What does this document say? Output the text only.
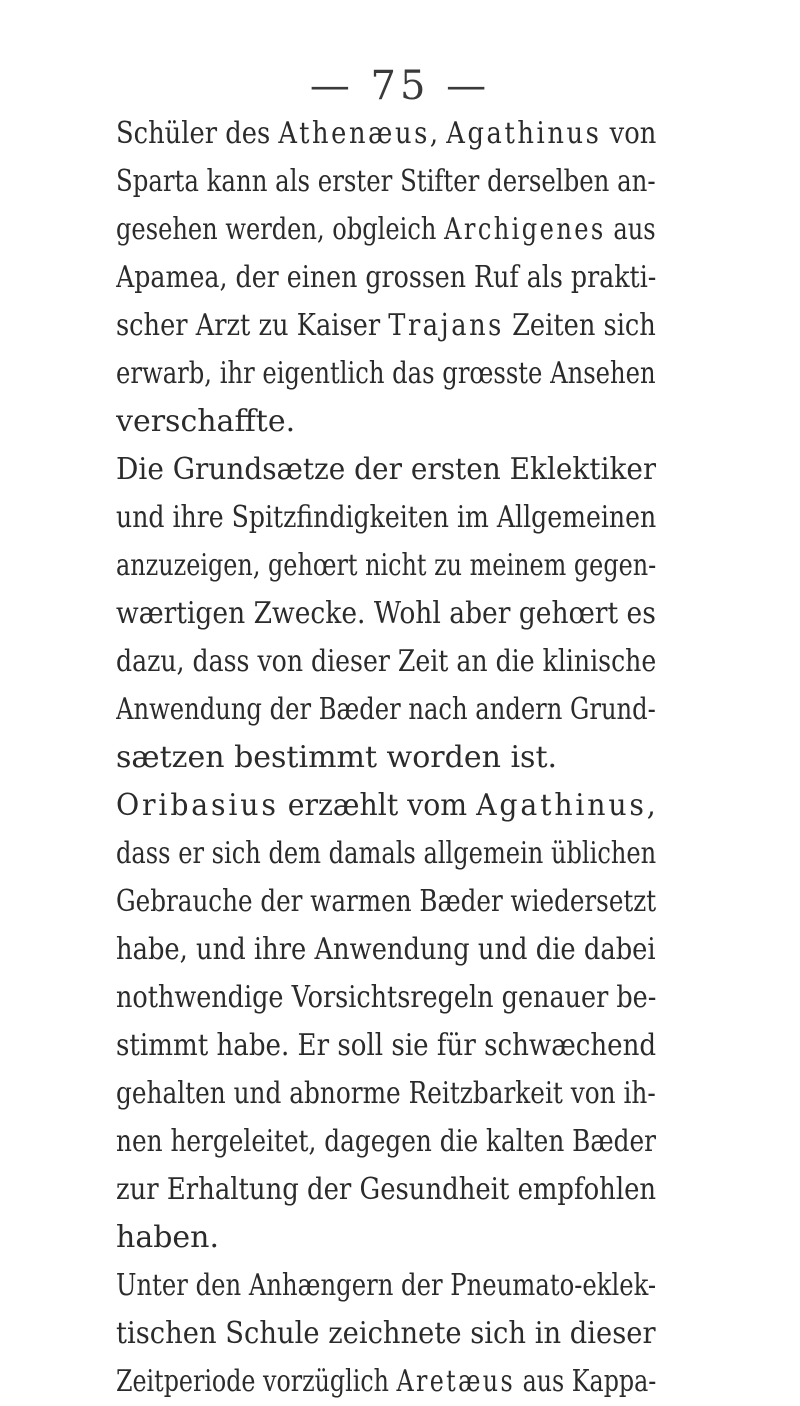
— 75 —
Schüler des Athenæus, Agathinus von
Sparta kann als erster Stifter derselben an-
gesehen werden, obgleich Archigenes aus
Apamea, der einen grossen Ruf als prakti-
scher Arzt zu Kaiser Trajans Zeiten sich
erwarb, ihr eigentlich das grœsste Ansehen
verschaffte.
Die Grundsætze der ersten Eklektiker
und ihre Spitzfindigkeiten im Allgemeinen
anzuzeigen, gehœrt nicht zu meinem gegen-
wærtigen Zwecke. Wohl aber gehœrt es
dazu, dass von dieser Zeit an die klinische
Anwendung der Bæder nach andern Grund-
sætzen bestimmt worden ist.
Oribasius erzæhlt vom Agathinus,
dass er sich dem damals allgemein üblichen
Gebrauche der warmen Bæder wiedersetzt
habe, und ihre Anwendung und die dabei
nothwendige Vorsichtsregeln genauer be-
stimmt habe. Er soll sie für schwæchend
gehalten und abnorme Reitzbarkeit von ih-
nen hergeleitet, dagegen die kalten Bæder
zur Erhaltung der Gesundheit empfohlen
haben.
Unter den Anhængern der Pneumato-eklek-
tischen Schule zeichnete sich in dieser
Zeitperiode vorzüglich Aretæus aus Kappa-
